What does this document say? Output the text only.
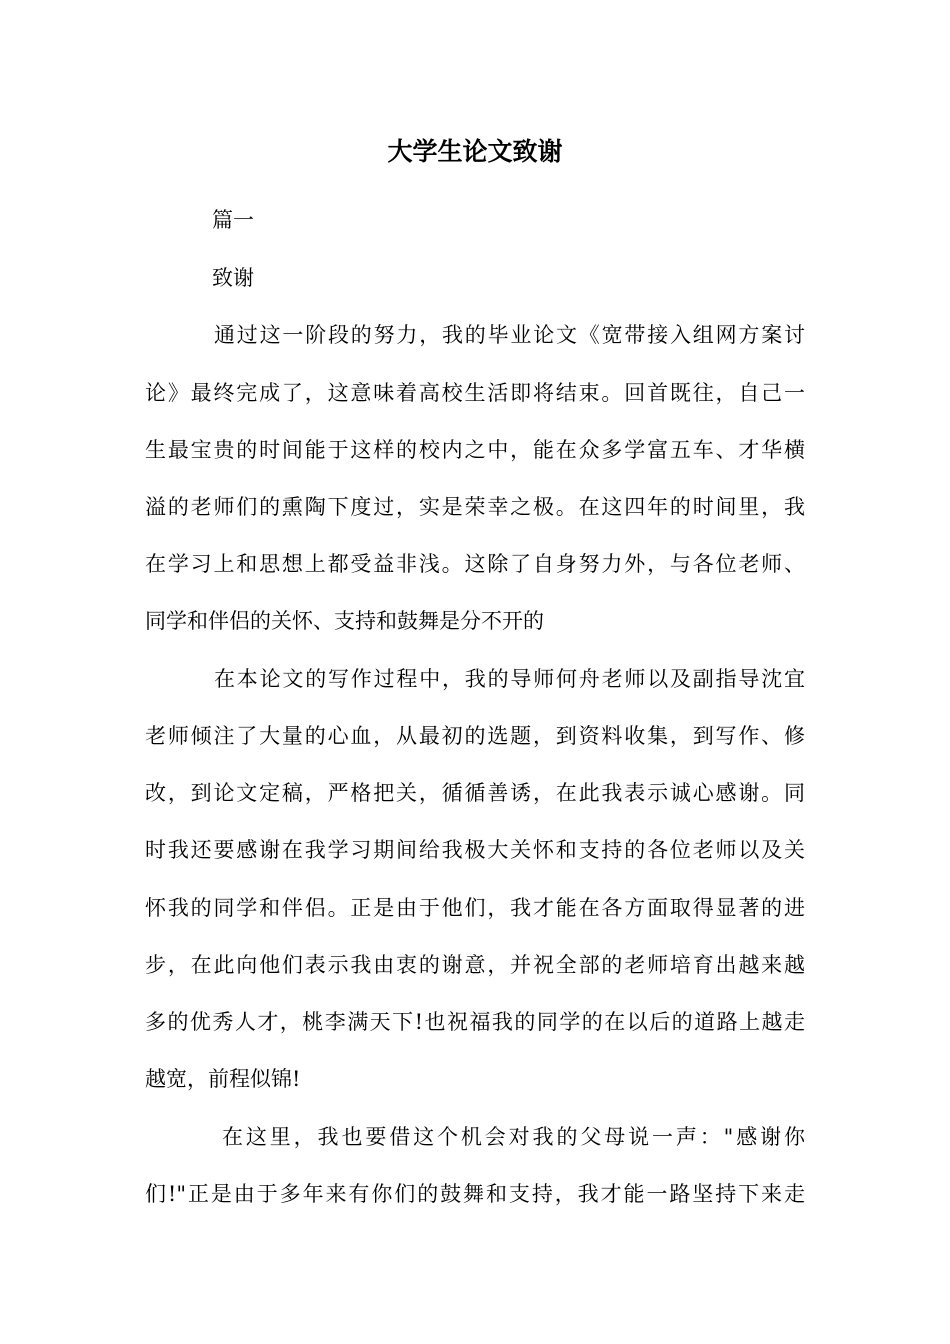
大学生论文致谢
篇一
致谢
通过这一阶段的努力，我的毕业论文《宽带接入组网方案讨
论》最终完成了，这意味着高校生活即将结束。回首既往，自己一
生最宝贵的时间能于这样的校内之中，能在众多学富五车、才华横
溢的老师们的熏陶下度过，实是荣幸之极。在这四年的时间里，我
在学习上和思想上都受益非浅。这除了自身努力外，与各位老师、
同学和伴侣的关怀、支持和鼓舞是分不开的
在本论文的写作过程中，我的导师何舟老师以及副指导沈宜
老师倾注了大量的心血，从最初的选题，到资料收集，到写作、修
改，到论文定稿，严格把关，循循善诱，在此我表示诚心感谢。同
时我还要感谢在我学习期间给我极大关怀和支持的各位老师以及关
怀我的同学和伴侣。正是由于他们，我才能在各方面取得显著的进
步，在此向他们表示我由衷的谢意，并祝全部的老师培育出越来越
多的优秀人才，桃李满天下!也祝福我的同学的在以后的道路上越走
越宽，前程似锦!
在这里，我也要借这个机会对我的父母说一声："感谢你
们!"正是由于多年来有你们的鼓舞和支持，我才能一路坚持下来走
